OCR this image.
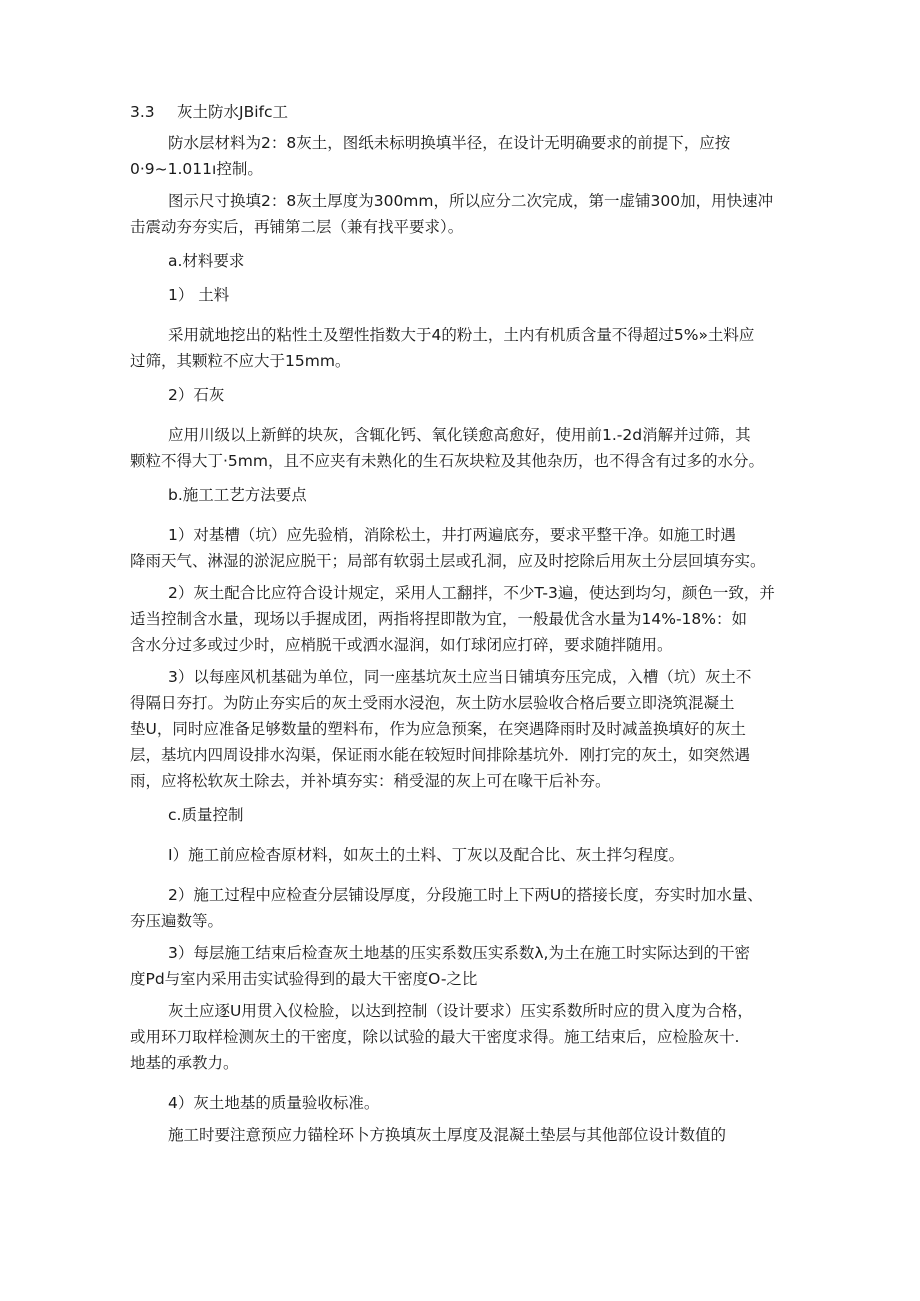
3.3 灰土防水JBifc工
防水层材料为2：8灰土，图纸未标明换填半径，在设计无明确要求的前提下，应按
0·9~1.011ı控制。
图示尺寸换填2：8灰土厚度为300mm，所以应分二次完成，第一虚铺300加，用快速冲
击震动夯夯实后，再铺第二层（兼有找平要求）。
a.材料要求
1） 土料
采用就地挖出的粘性土及塑性指数大于4的粉土，土内有机质含量不得超过5%»土料应
过筛，其颗粒不应大于15mm。
2）石灰
应用川级以上新鲜的块灰，含辄化钙、氧化镁愈高愈好，使用前1.-2d消解并过筛，其
颗粒不得大丁·5mm，且不应夹有未熟化的生石灰块粒及其他杂历，也不得含有过多的水分。
b.施工工艺方法要点
1）对基槽（坑）应先验梢，消除松土，井打两遍底夯，要求平整干净。如施工时遇
降雨天气、淋湿的淤泥应脱干；局部有软弱土层或孔洞，应及时挖除后用灰土分层回填夯实。
2）灰土配合比应符合设计规定，采用人工翻拌，不少T-3遍，使达到均匀，颜色一致，并
适当控制含水量，现场以手握成团，两指将捏即散为宜，一般最优含水量为14%-18%：如
含水分过多或过少时，应梢脱干或洒水湿润，如仃球闭应打碎，要求随拌随用。
3）以每座风机基础为单位，同一座基坑灰土应当日铺填夯压完成，入槽（坑）灰土不
得隔日夯打。为防止夯实后的灰土受雨水浸泡，灰土防水层验收合格后要立即浇筑混凝土
垫U，同时应准备足够数量的塑料布，作为应急预案，在突遇降雨时及时减盖换填好的灰土
层，基坑内四周设排水沟渠，保证雨水能在较短时间排除基坑外．刚打完的灰土，如突然遇
雨，应将松软灰土除去，并补填夯实：稍受湿的灰上可在喙干后补夯。
c.质量控制
I）施工前应检杳原材料，如灰土的土料、丁灰以及配合比、灰土拌匀程度。
2）施工过程中应检查分层铺设厚度，分段施工时上下两U的搭接长度，夯实时加水量、
夯压遍数等。
3）每层施工结束后检查灰土地基的压实系数压实系数λ,为土在施工时实际达到的干密
度Pd与室内采用击实试验得到的最大干密度O-之比
灰土应逐U用贯入仪检脸，以达到控制（设计要求）压实系数所时应的贯入度为合格，
或用环刀取样检测灰土的干密度，除以试验的最大干密度求得。施工结束后，应检脸灰十.
地基的承教力。
4）灰土地基的质量验收标准。
施工时要注意预应力锚栓环卜方换填灰土厚度及混凝土垫层与其他部位设计数值的
